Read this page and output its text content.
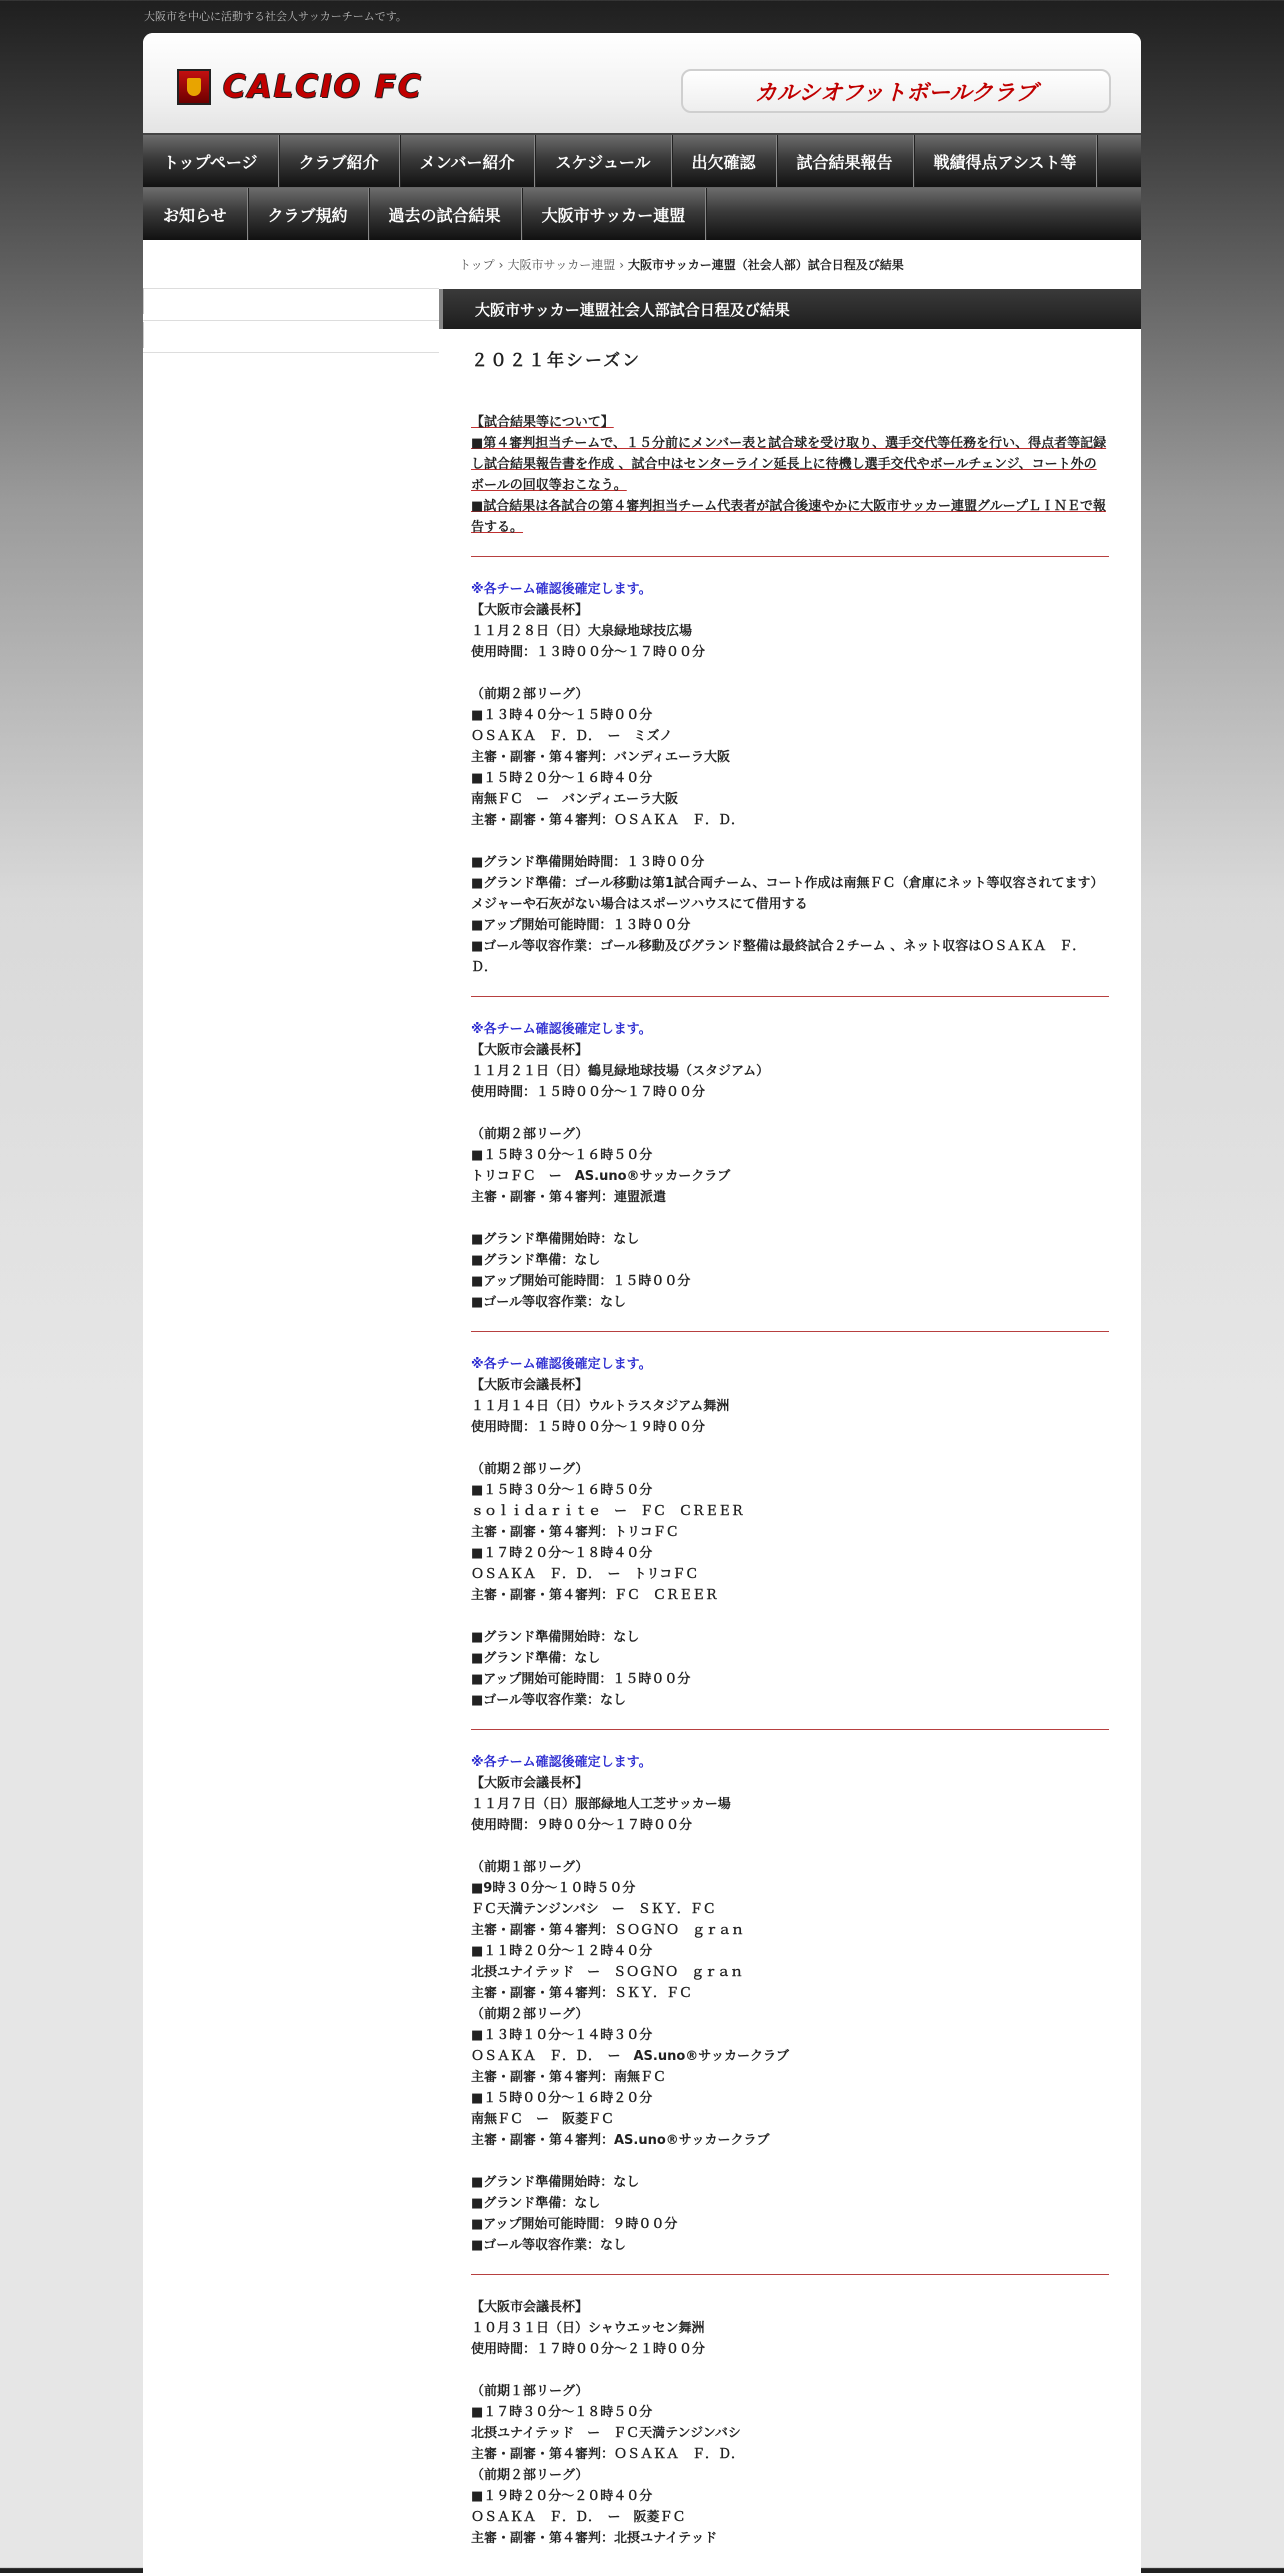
大阪市を中心に活動する社会人サッカーチームです。
CALCIO FC	カルシオフットボールクラブ
トップページ	クラブ紹介	メンバー紹介	スケジュール	出欠確認	試合結果報告	戦績得点アシスト等
お知らせ	クラブ規約	過去の試合結果	大阪市サッカー連盟
トップ › 大阪市サッカー連盟 › 大阪市サッカー連盟（社会人部）試合日程及び結果
大阪市サッカー連盟社会人部試合日程及び結果
２０２１年シーズン
【試合結果等について】
■第４審判担当チームで、１５分前にメンバー表と試合球を受け取り、選手交代等任務を行い、得点者等記録し試合結果報告書を作成 、試合中はセンターライン延長上に待機し選手交代やボールチェンジ、コート外のボールの回収等おこなう。
■試合結果は各試合の第４審判担当チーム代表者が試合後速やかに大阪市サッカー連盟グループＬＩＮＥで報告する。
※各チーム確認後確定します。
【大阪市会議長杯】
１１月２８日（日）大泉緑地球技広場
使用時間：１３時００分～１７時００分
（前期２部リーグ）
■１３時４０分～１５時００分
ＯＳＡＫＡ　Ｆ．Ｄ．　ー　ミズノ
主審・副審・第４審判：バンディエーラ大阪
■１５時２０分～１６時４０分
南無ＦＣ　ー　バンディエーラ大阪
主審・副審・第４審判：ＯＳＡＫＡ　Ｆ．Ｄ．
■グランド準備開始時間：１３時００分
■グランド準備：ゴール移動は第1試合両チーム、コート作成は南無ＦＣ（倉庫にネット等収容されてます）メジャーや石灰がない場合はスポーツハウスにて借用する
■アップ開始可能時間：１３時００分
■ゴール等収容作業：ゴール移動及びグランド整備は最終試合２チーム 、ネット収容はＯＳＡＫＡ　Ｆ．Ｄ．
※各チーム確認後確定します。
【大阪市会議長杯】
１１月２１日（日）鶴見緑地球技場（スタジアム）
使用時間：１５時００分～１７時００分
（前期２部リーグ）
■１５時３０分～１６時５０分
トリコＦＣ　ー　AS.uno®サッカークラブ
主審・副審・第４審判：連盟派遣
■グランド準備開始時：なし
■グランド準備：なし
■アップ開始可能時間：１５時００分
■ゴール等収容作業：なし
※各チーム確認後確定します。
【大阪市会議長杯】
１１月１４日（日）ウルトラスタジアム舞洲
使用時間：１５時００分～１９時００分
（前期２部リーグ）
■１５時３０分～１６時５０分
ｓｏｌｉｄａｒｉｔｅ　ー　ＦＣ　ＣＲＥＥＲ
主審・副審・第４審判：トリコＦＣ
■１７時２０分～１８時４０分
ＯＳＡＫＡ　Ｆ．Ｄ．　ー　トリコＦＣ
主審・副審・第４審判：ＦＣ　ＣＲＥＥＲ
■グランド準備開始時：なし
■グランド準備：なし
■アップ開始可能時間：１５時００分
■ゴール等収容作業：なし
※各チーム確認後確定します。
【大阪市会議長杯】
１１月７日（日）服部緑地人工芝サッカー場
使用時間：９時００分～１７時００分
（前期１部リーグ）
■9時３０分～１０時５０分
ＦＣ天満テンジンバシ　ー　ＳＫＹ．ＦＣ
主審・副審・第４審判：ＳＯＧＮＯ　ｇｒａｎ
■１１時２０分～１２時４０分
北摂ユナイテッド　ー　ＳＯＧＮＯ　ｇｒａｎ
主審・副審・第４審判：ＳＫＹ．ＦＣ
（前期２部リーグ）
■１３時１０分～１４時３０分
ＯＳＡＫＡ　Ｆ．Ｄ．　ー　AS.uno®サッカークラブ
主審・副審・第４審判：南無ＦＣ
■１５時００分～１６時２０分
南無ＦＣ　ー　阪菱ＦＣ
主審・副審・第４審判：AS.uno®サッカークラブ
■グランド準備開始時：なし
■グランド準備：なし
■アップ開始可能時間：９時００分
■ゴール等収容作業：なし
【大阪市会議長杯】
１０月３１日（日）シャウエッセン舞洲
使用時間：１７時００分～２１時００分
（前期１部リーグ）
■１７時３０分～１８時５０分
北摂ユナイテッド　ー　ＦＣ天満テンジンバシ
主審・副審・第４審判：ＯＳＡＫＡ　Ｆ．Ｄ．
（前期２部リーグ）
■１９時２０分～２０時４０分
ＯＳＡＫＡ　Ｆ．Ｄ．　ー　阪菱ＦＣ
主審・副審・第４審判：北摂ユナイテッド
